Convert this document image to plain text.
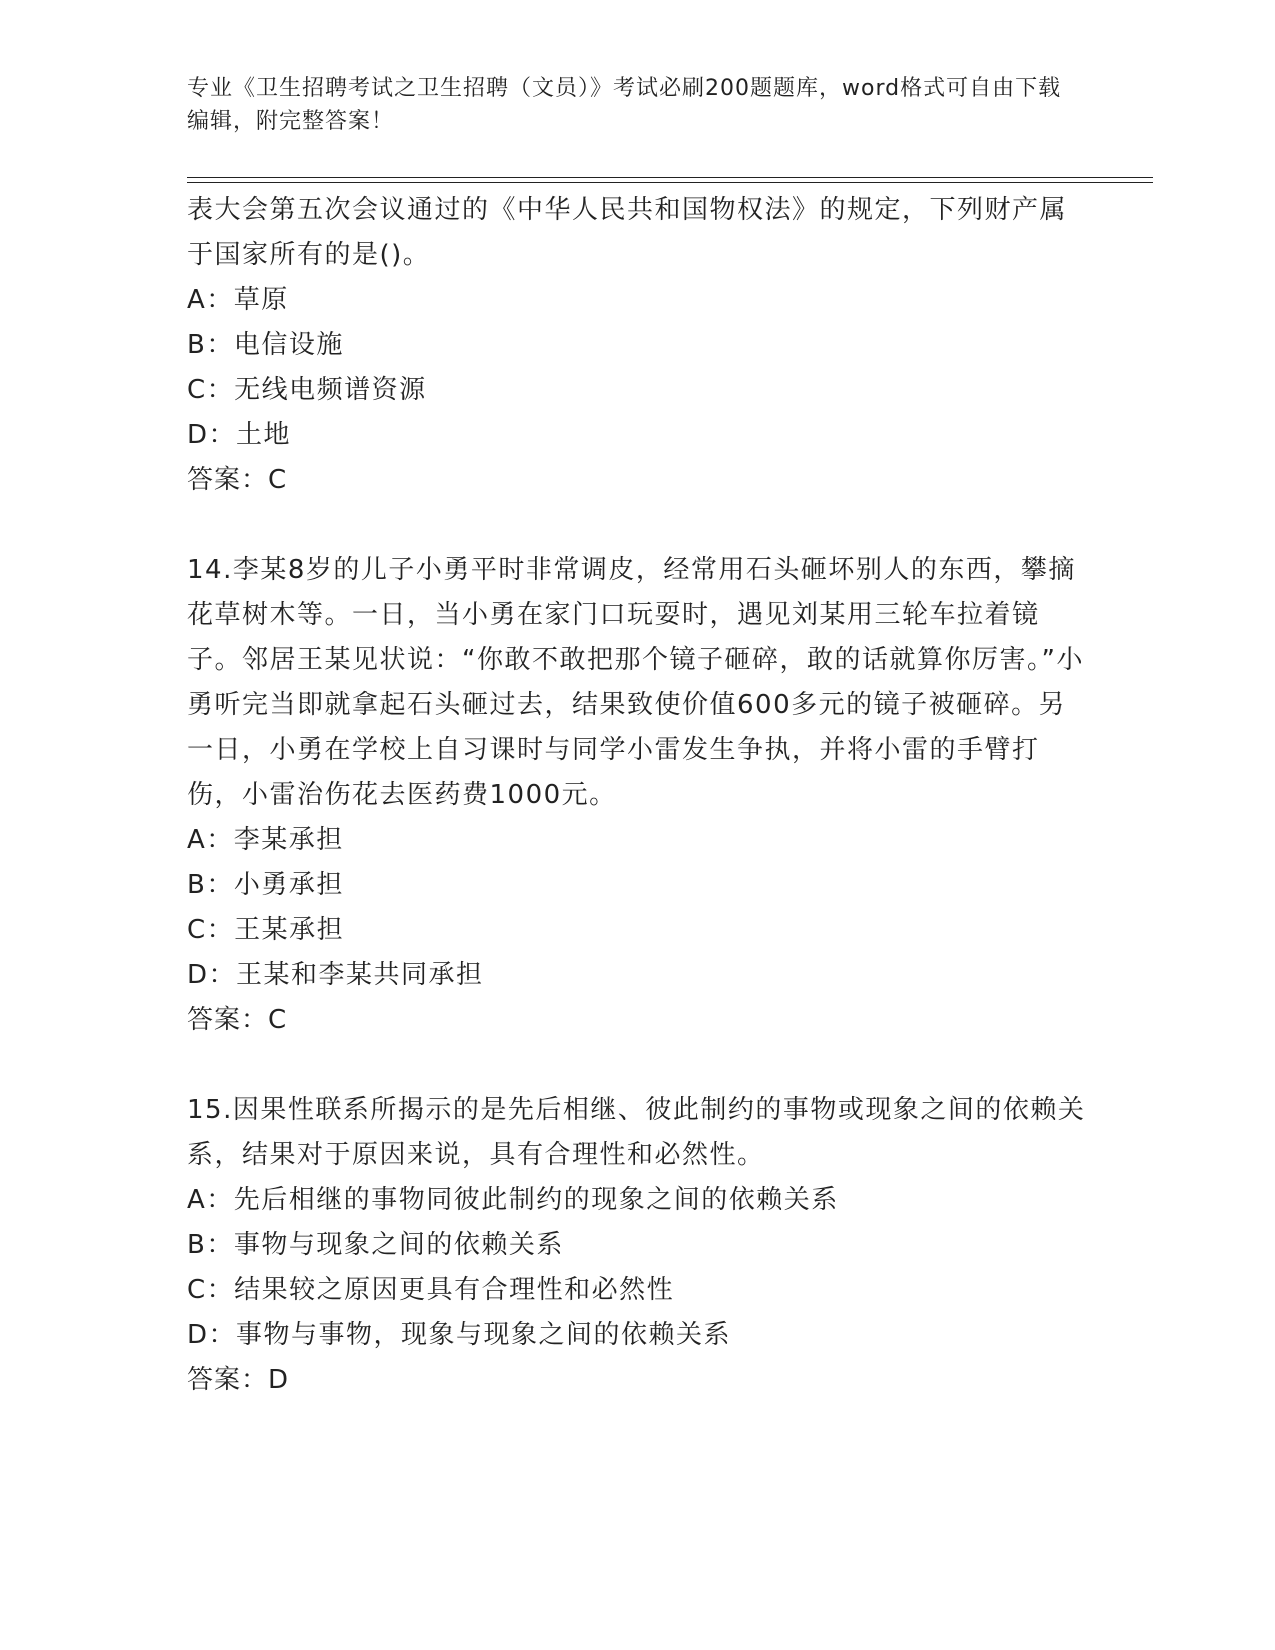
专业《卫生招聘考试之卫生招聘（文员）》考试必刷200题题库，word格式可自由下载编辑，附完整答案！

表大会第五次会议通过的《中华人民共和国物权法》的规定，下列财产属于国家所有的是()。

A：草原

B：电信设施

C：无线电频谱资源

D：土地

答案：C

14.李某8岁的儿子小勇平时非常调皮，经常用石头砸坏别人的东西，攀摘花草树木等。一日，当小勇在家门口玩耍时，遇见刘某用三轮车拉着镜子。邻居王某见状说：“你敢不敢把那个镜子砸碎，敢的话就算你厉害。”小勇听完当即就拿起石头砸过去，结果致使价值600多元的镜子被砸碎。另一日，小勇在学校上自习课时与同学小雷发生争执，并将小雷的手臂打伤，小雷治伤花去医药费1000元。

A：李某承担

B：小勇承担

C：王某承担

D：王某和李某共同承担

答案：C

15.因果性联系所揭示的是先后相继、彼此制约的事物或现象之间的依赖关系，结果对于原因来说，具有合理性和必然性。

A：先后相继的事物同彼此制约的现象之间的依赖关系

B：事物与现象之间的依赖关系

C：结果较之原因更具有合理性和必然性

D：事物与事物，现象与现象之间的依赖关系

答案：D
